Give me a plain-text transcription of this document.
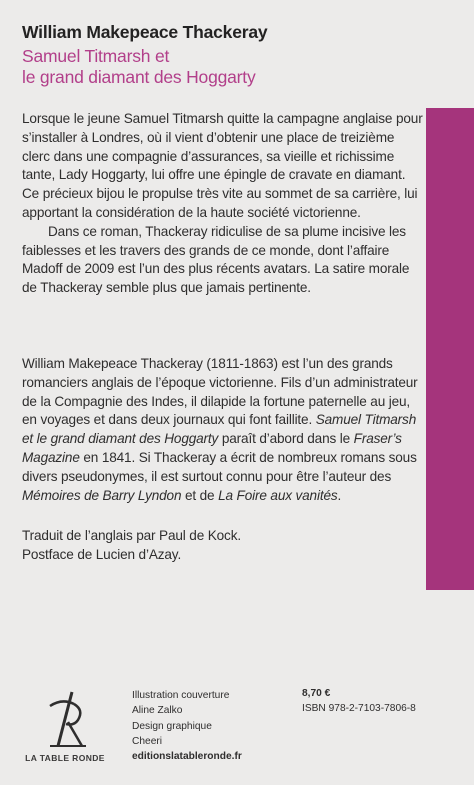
William Makepeace Thackeray
Samuel Titmarsh et
le grand diamant des Hoggarty

Lorsque le jeune Samuel Titmarsh quitte la campagne anglaise pour s’installer à Londres, où il vient d’obtenir une place de treizième clerc dans une compagnie d’assurances, sa vieille et richissime tante, Lady Hoggarty, lui offre une épingle de cravate en diamant. Ce précieux bijou le propulse très vite au sommet de sa carrière, lui apportant la considération de la haute société victorienne.

Dans ce roman, Thackeray ridiculise de sa plume incisive les faiblesses et les travers des grands de ce monde, dont l’affaire Madoff de 2009 est l’un des plus récents avatars. La satire morale de Thackeray semble plus que jamais pertinente.

William Makepeace Thackeray (1811-1863) est l’un des grands romanciers anglais de l’époque victorienne. Fils d’un administrateur de la Compagnie des Indes, il dilapide la fortune paternelle au jeu, en voyages et dans deux journaux qui font faillite. Samuel Titmarsh et le grand diamant des Hoggarty paraît d’abord dans le Fraser’s Magazine en 1841. Si Thackeray a écrit de nombreux romans sous divers pseudonymes, il est surtout connu pour être l’auteur des Mémoires de Barry Lyndon et de La Foire aux vanités.

Traduit de l’anglais par Paul de Kock.

Postface de Lucien d’Azay.

LA TABLE RONDE
Illustration couverture
Aline Zalko
Design graphique
Cheeri
editionslatableronde.fr
8,70 €
ISBN 978-2-7103-7806-8
